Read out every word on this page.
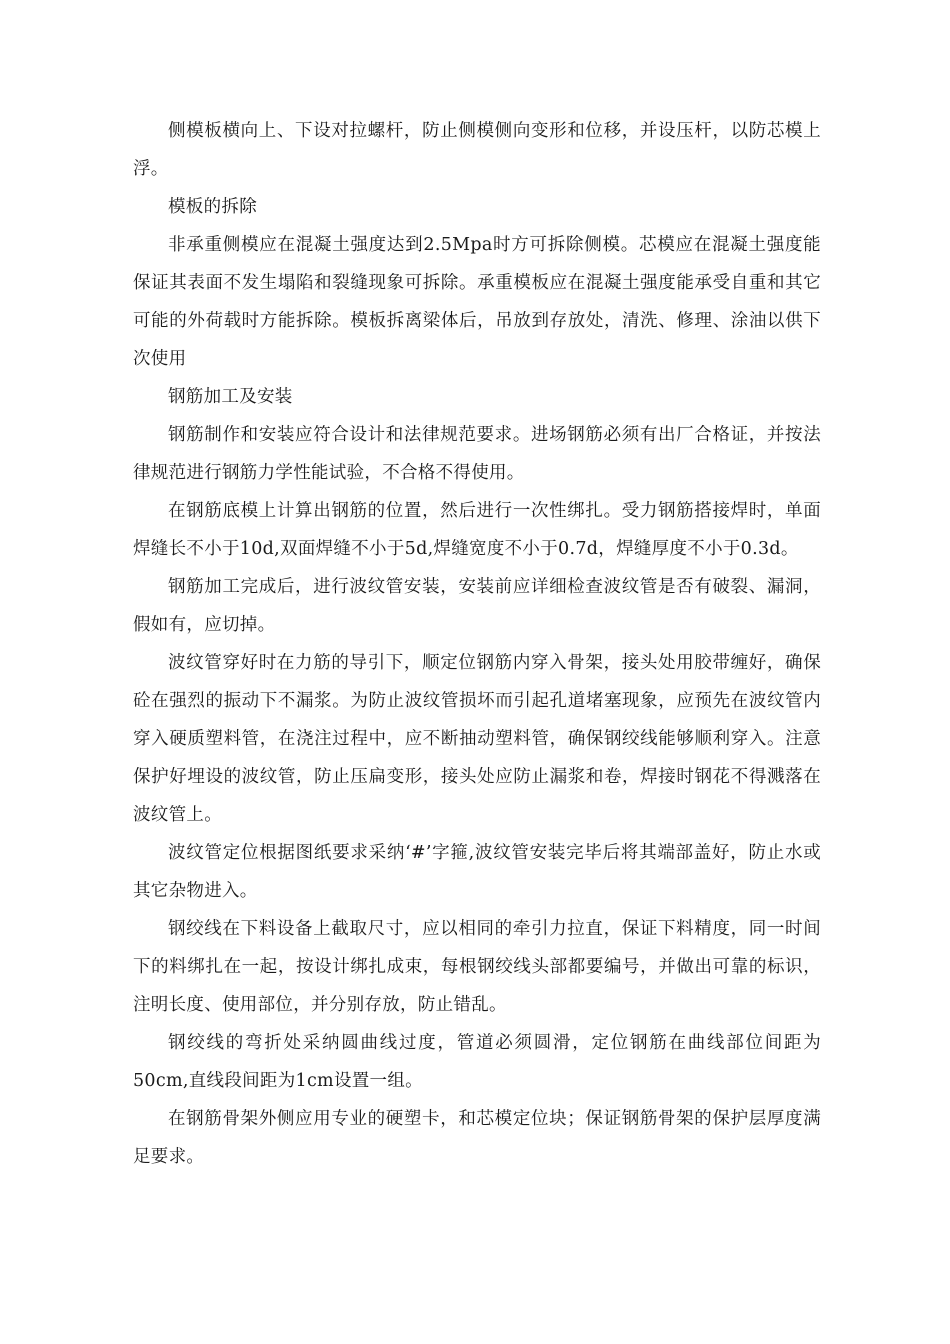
侧模板横向上、下设对拉螺杆，防止侧模侧向变形和位移，并设压杆，以防芯模上浮。

模板的拆除

非承重侧模应在混凝土强度达到2.5Mpa时方可拆除侧模。芯模应在混凝土强度能保证其表面不发生塌陷和裂缝现象可拆除。承重模板应在混凝土强度能承受自重和其它可能的外荷载时方能拆除。模板拆离梁体后，吊放到存放处，清洗、修理、涂油以供下次使用

钢筋加工及安装

钢筋制作和安装应符合设计和法律规范要求。进场钢筋必须有出厂合格证，并按法律规范进行钢筋力学性能试验，不合格不得使用。

在钢筋底模上计算出钢筋的位置，然后进行一次性绑扎。受力钢筋搭接焊时，单面焊缝长不小于10d,双面焊缝不小于5d,焊缝宽度不小于0.7d，焊缝厚度不小于0.3d。

钢筋加工完成后，进行波纹管安装，安装前应详细检查波纹管是否有破裂、漏洞，假如有，应切掉。

波纹管穿好时在力筋的导引下，顺定位钢筋内穿入骨架，接头处用胶带缠好，确保砼在强烈的振动下不漏浆。为防止波纹管损坏而引起孔道堵塞现象，应预先在波纹管内穿入硬质塑料管，在浇注过程中，应不断抽动塑料管，确保钢绞线能够顺利穿入。注意保护好埋设的波纹管，防止压扁变形，接头处应防止漏浆和卷，焊接时钢花不得溅落在波纹管上。

波纹管定位根据图纸要求采纳‘#’字箍,波纹管安装完毕后将其端部盖好，防止水或其它杂物进入。

钢绞线在下料设备上截取尺寸，应以相同的牵引力拉直，保证下料精度，同一时间下的料绑扎在一起，按设计绑扎成束，每根钢绞线头部都要编号，并做出可靠的标识，注明长度、使用部位，并分别存放，防止错乱。

钢绞线的弯折处采纳圆曲线过度，管道必须圆滑，定位钢筋在曲线部位间距为50cm,直线段间距为1cm设置一组。

在钢筋骨架外侧应用专业的硬塑卡，和芯模定位块；保证钢筋骨架的保护层厚度满足要求。
